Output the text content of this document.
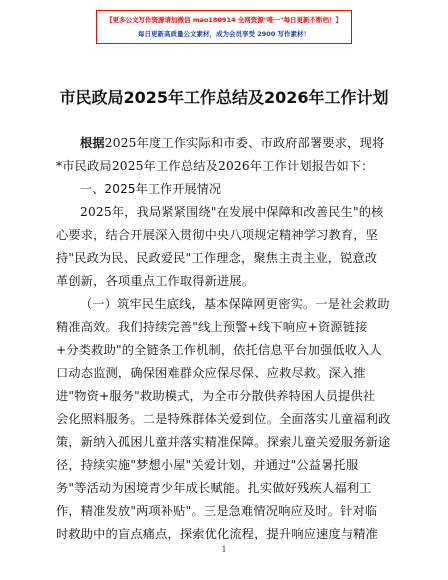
【更多公文写作资源请加微信 mao180914 全网资源"唯一"每日更新不断档！】
每日更新高质量公文素材，成为会员享受 2900 写作素材！
市民政局2025年工作总结及2026年工作计划
根据2025年度工作实际和市委、市政府部署要求，现将
*市民政局2025年工作总结及2026年工作计划报告如下：
一、2025年工作开展情况
2025年，我局紧紧围绕"在发展中保障和改善民生"的核
心要求，结合开展深入贯彻中央八项规定精神学习教育，坚
持"民政为民、民政爱民"工作理念，聚焦主责主业，锐意改
革创新，各项重点工作取得新进展。
（一）筑牢民生底线，基本保障网更密实。一是社会救助
精准高效。我们持续完善"线上预警+线下响应+资源链接
+分类救助"的全链条工作机制，依托信息平台加强低收入人
口动态监测，确保困难群众应保尽保、应救尽救。深入推
进"物资+服务"救助模式，为全市分散供养特困人员提供社
会化照料服务。二是特殊群体关爱到位。全面落实儿童福利政
策，新纳入孤困儿童并落实精准保障。探索儿童关爱服务新途
径，持续实施"梦想小屋"关爱计划，并通过"公益暑托服
务"等活动为困境青少年成长赋能。扎实做好残疾人福利工
作，精准发放"两项补贴"。三是急难情况响应及时。针对临
时救助中的盲点痛点，探索优化流程，提升响应速度与精准
1
